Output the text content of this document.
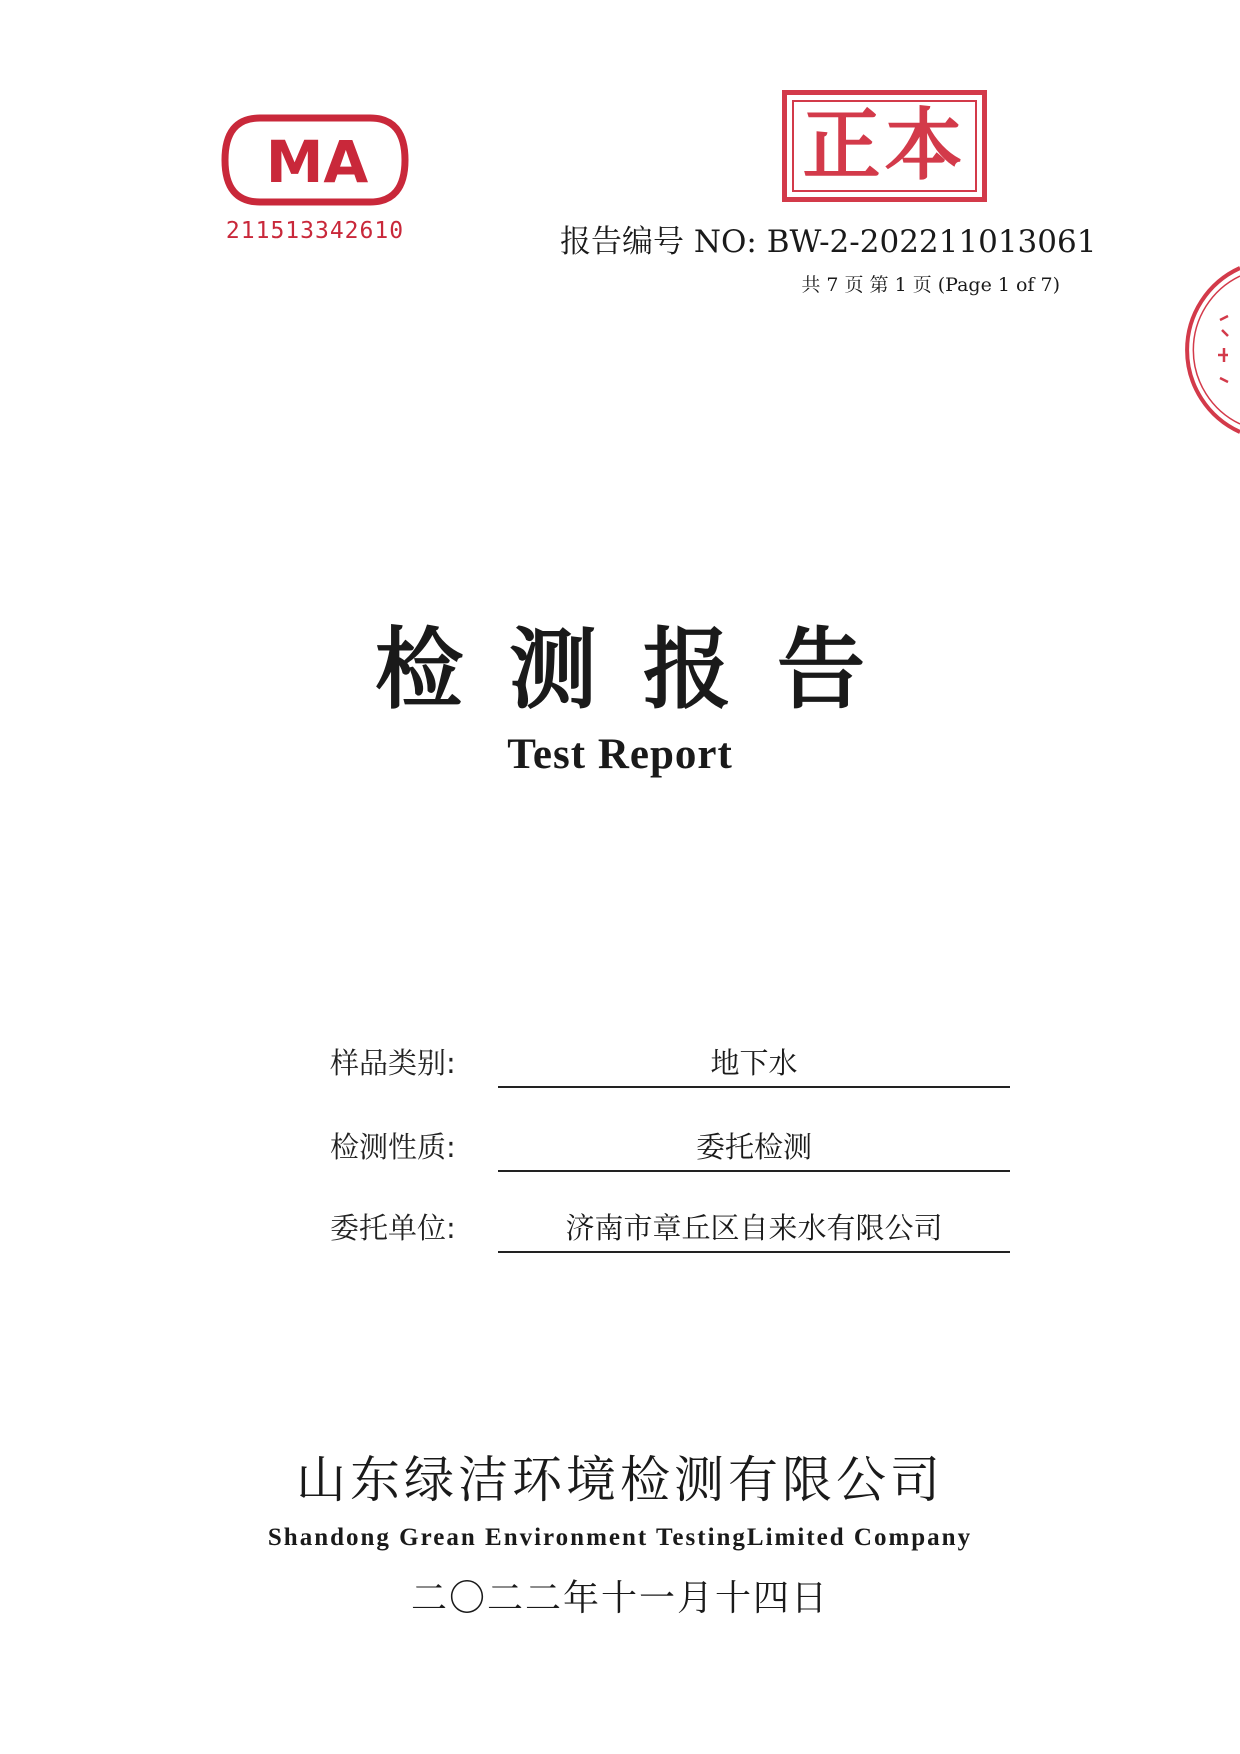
MA
211513342610
正本
报告编号 NO: BW-2-202211013061
共 7 页 第 1 页 (Page 1 of 7)
检测报告
Test Report
样品类别:	地下水
检测性质:	委托检测
委托单位:	济南市章丘区自来水有限公司
山东绿洁环境检测有限公司
Shandong Grean Environment TestingLimited Company
二〇二二年十一月十四日
